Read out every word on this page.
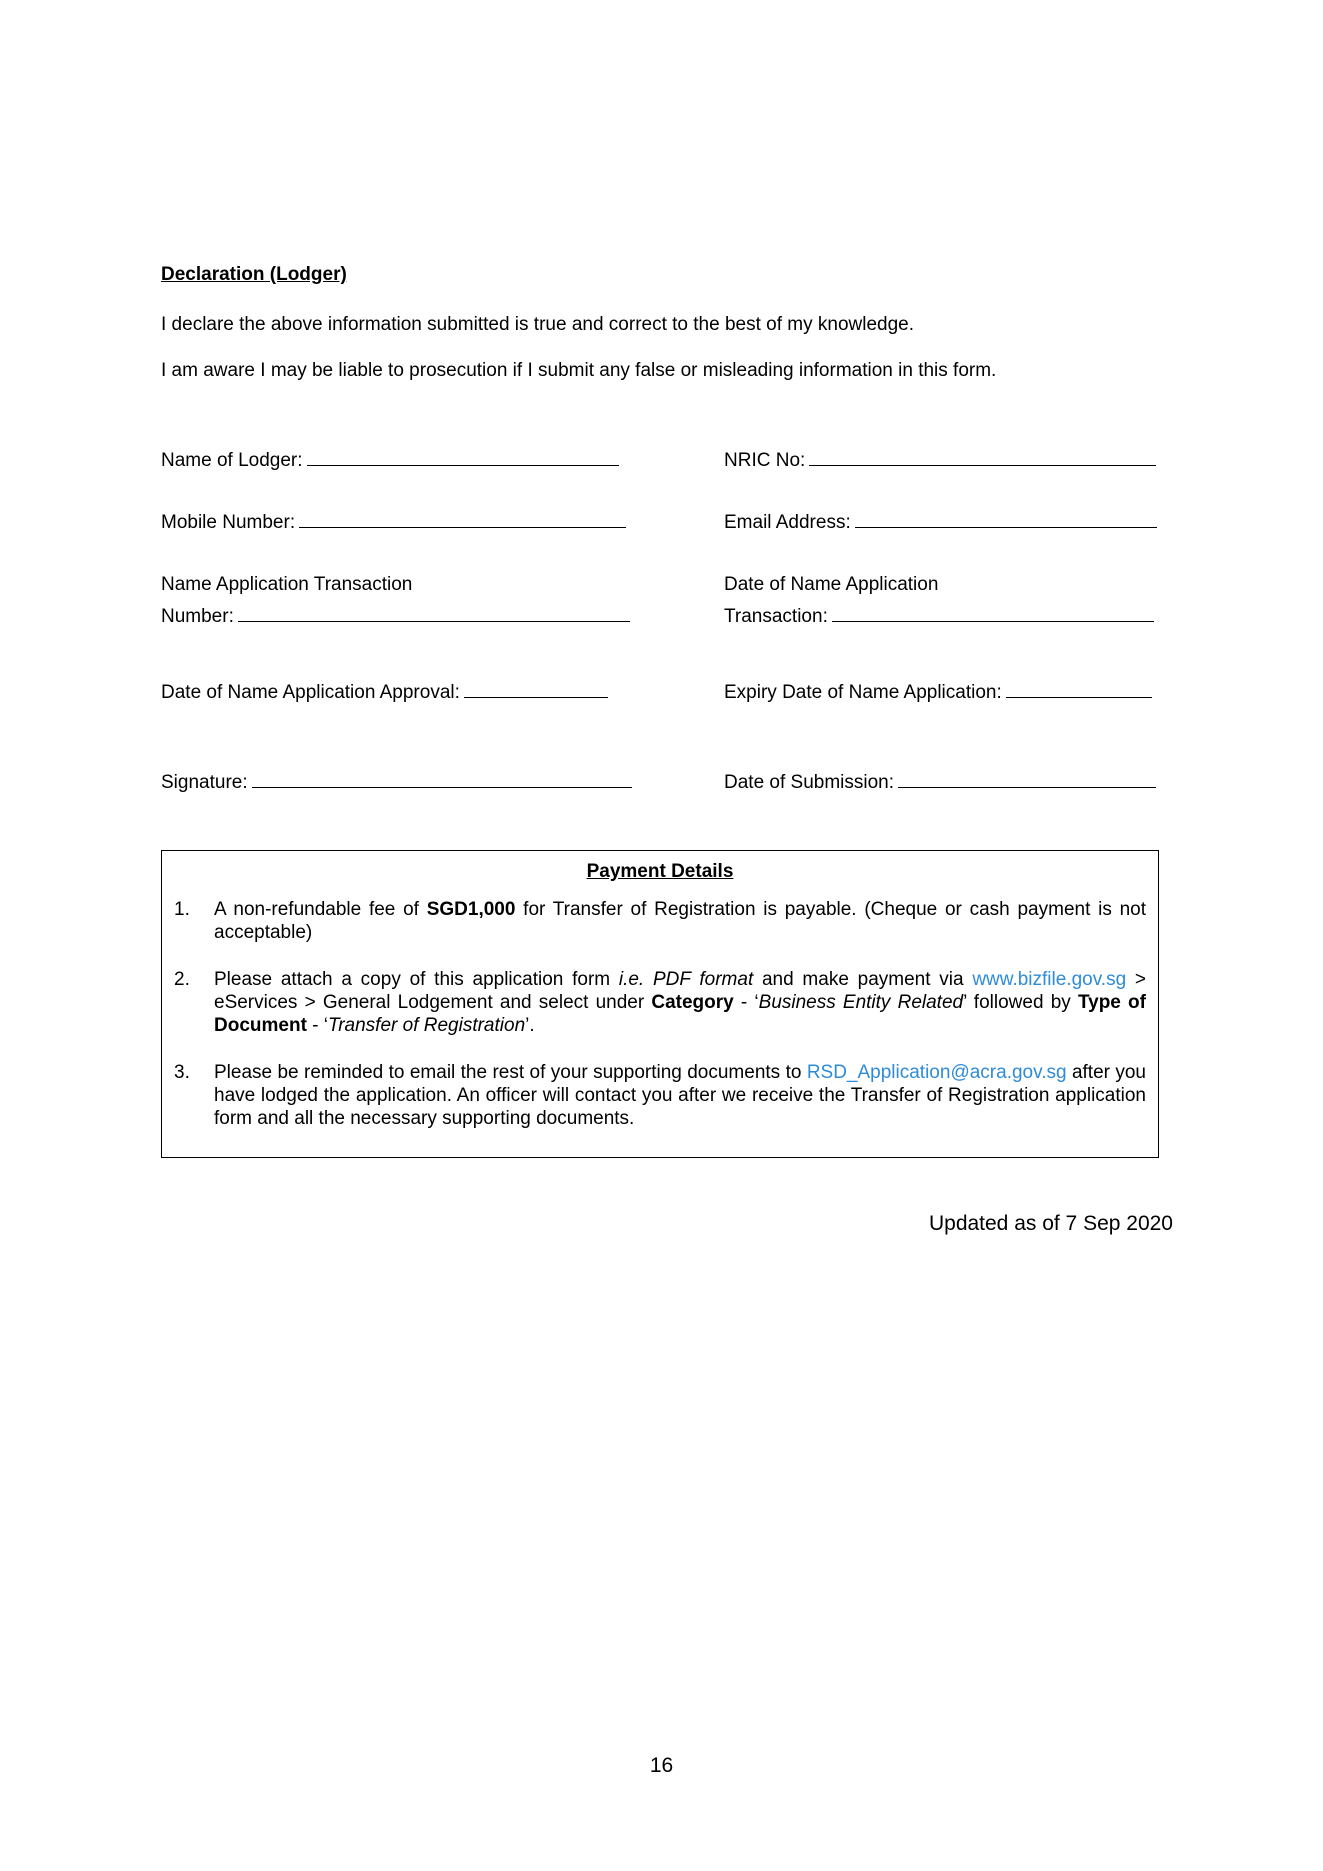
Declaration (Lodger)
I declare the above information submitted is true and correct to the best of my knowledge.
I am aware I may be liable to prosecution if I submit any false or misleading information in this form.
Name of Lodger:
Mobile Number:
Name Application Transaction
Number:
Date of Name Application Approval:
Signature:
NRIC No:
Email Address:
Date of Name Application
Transaction:
Expiry Date of Name Application:
Date of Submission:
Payment Details
1. A non-refundable fee of SGD1,000 for Transfer of Registration is payable. (Cheque or cash payment is not acceptable)
2. Please attach a copy of this application form i.e. PDF format and make payment via www.bizfile.gov.sg > eServices > General Lodgement and select under Category - ‘Business Entity Related’ followed by Type of Document - ‘Transfer of Registration’.
3. Please be reminded to email the rest of your supporting documents to RSD_Application@acra.gov.sg after you have lodged the application. An officer will contact you after we receive the Transfer of Registration application form and all the necessary supporting documents.
Updated as of 7 Sep 2020
16
